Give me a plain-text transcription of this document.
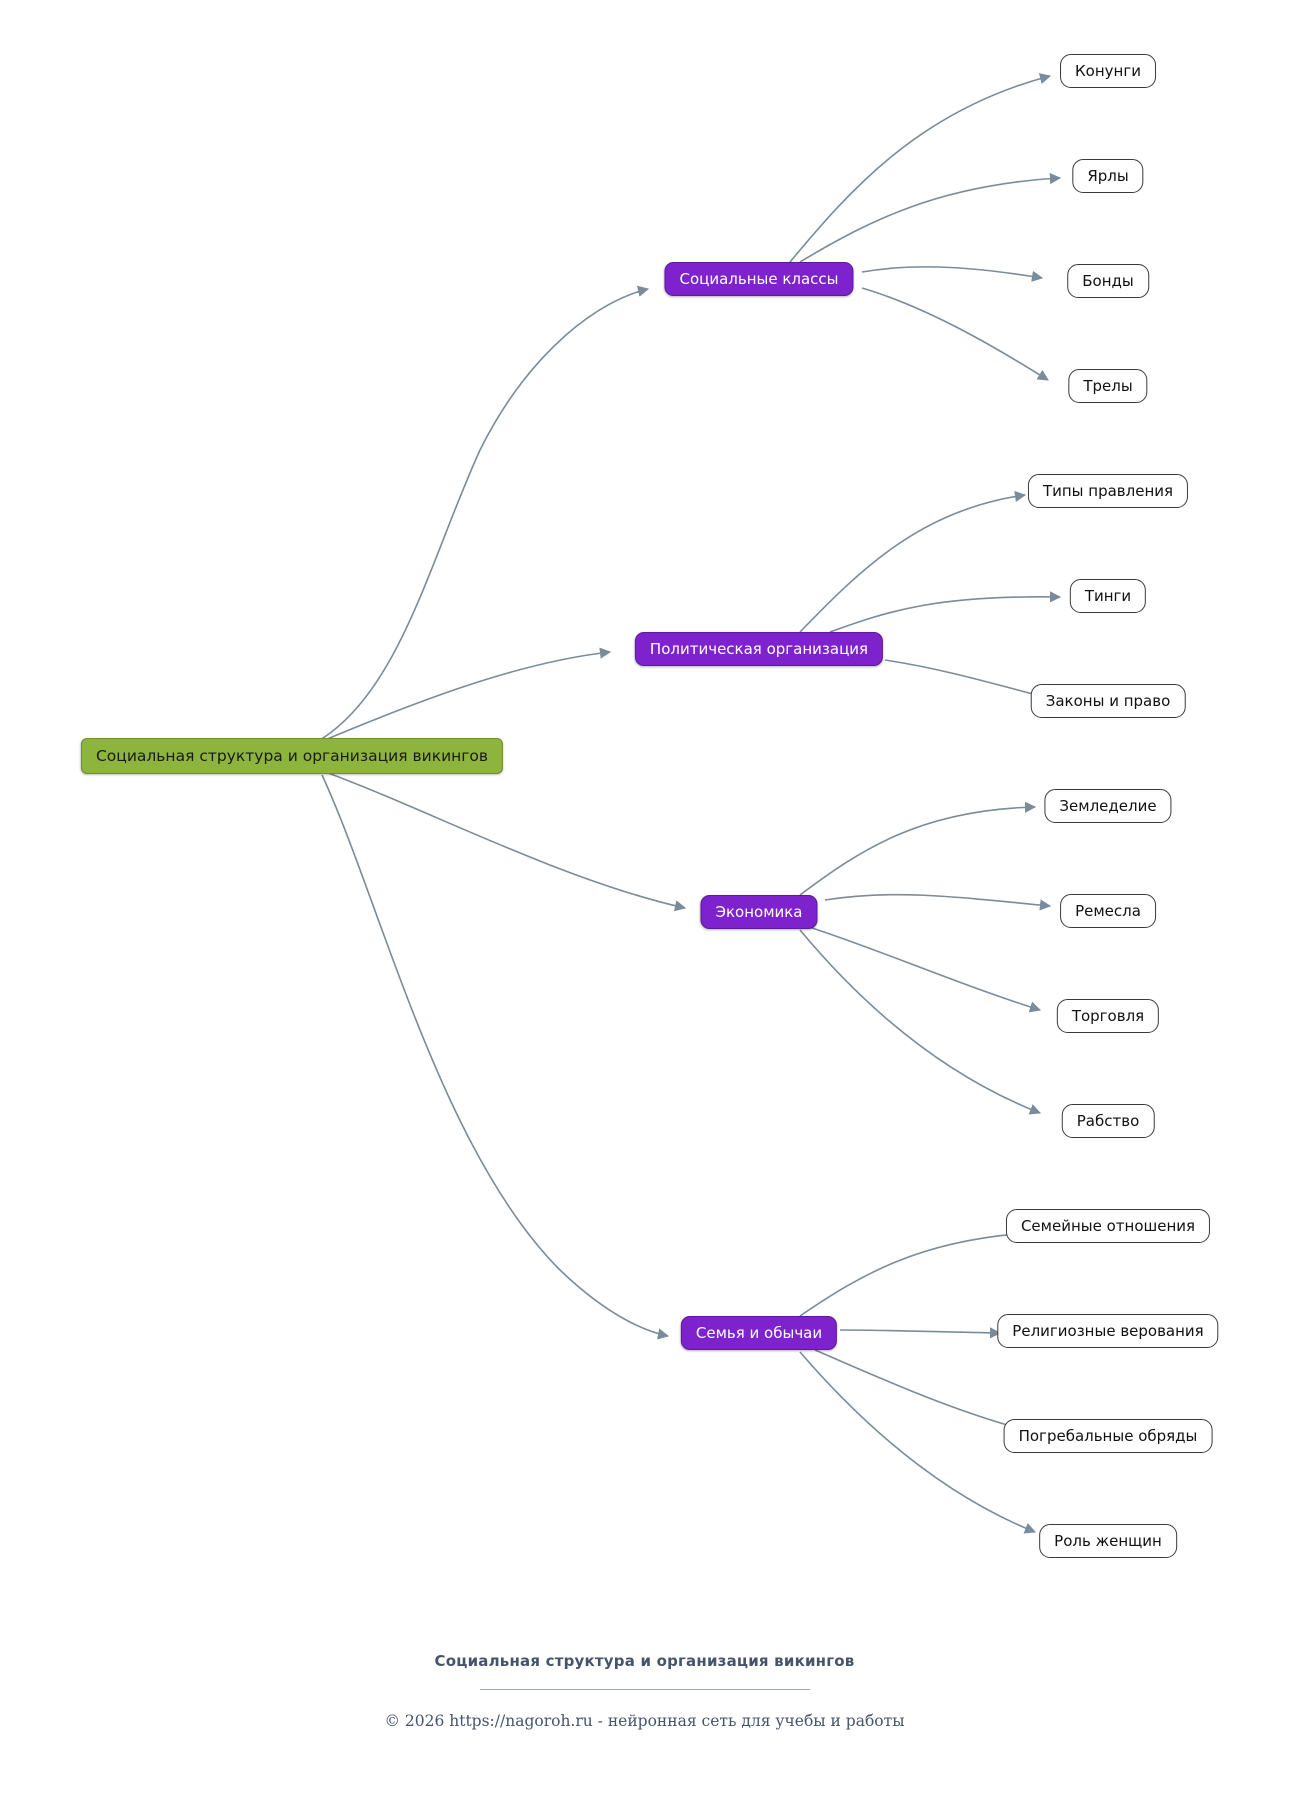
Социальная структура и организация викингов
Социальные классы
Конунги
Ярлы
Бонды
Трелы
Политическая организация
Типы правления
Тинги
Законы и право
Экономика
Земледелие
Ремесла
Торговля
Рабство
Семья и обычаи
Семейные отношения
Религиозные верования
Погребальные обряды
Роль женщин
Социальная структура и организация викингов
© 2026 https://nagoroh.ru - нейронная сеть для учебы и работы
